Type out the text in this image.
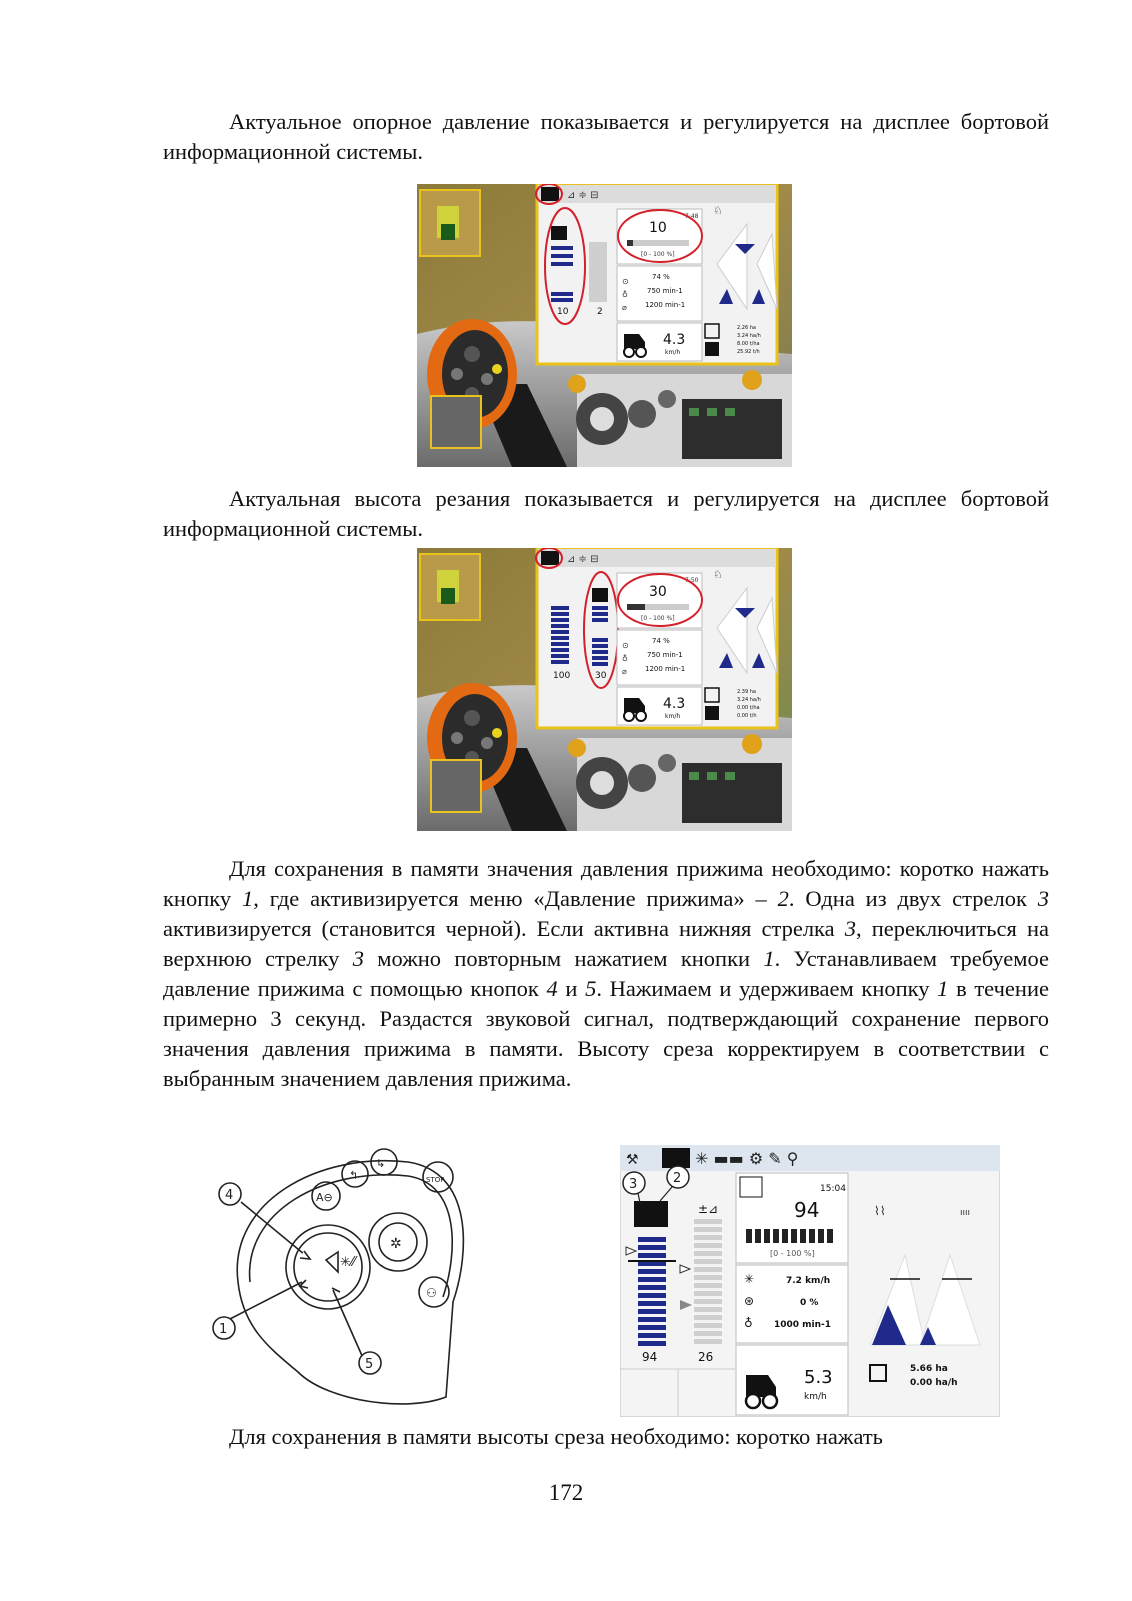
Актуальное опорное давление показывается и регулируется на дисплее бортовой информационной системы.

⊿ ≑ ⊟
10	2
10
7:48
[0 - 100 %]
74 %
750 min-1
1200 min-1
⊙
♁
⌀
4.3
km/h
♘
2.26 ha
3.24 ha/h
8.00 t/ha
25.92 t/h

Актуальная высота резания показывается и регулируется на дисплее бортовой информационной системы.

⊿ ≑ ⊟
100	30
30
7:50
[0 - 100 %]
74 %
750 min-1
1200 min-1
⊙
♁
⌀
4.3
km/h
♘
2.39 ha
3.24 ha/h
0.00 t/ha
0.00 t/h

Для сохранения в памяти значения давления прижима необходимо: коротко нажать кнопку 1, где активизируется меню «Давление прижима» – 2. Одна из двух стрелок 3 активизируется (становится черной). Если активна нижняя стрелка 3, переключиться на верхнюю стрелку 3 можно повторным нажатием кнопки 1. Устанавливаем требуемое давление прижима с помощью кнопок 4 и 5. Нажимаем и удерживаем кнопку 1 в течение примерно 3 секунд. Раздастся звуковой сигнал, подтверждающий сохранение первого значения давления прижима в памяти. Высоту среза корректируем в соответствии с выбранным значением давления прижима.

✳⁄⁄
✲
A⊖
↰
↳
STOP
⚇
4
1
5
⚒	✳ ▬▬ ⚙ ✎ ⚲
3	2
±⊿
94	26
15:04
94
[0 - 100 %]
✳
⊛
♁
7.2 km/h
0 %
1000 min-1
5.3
km/h
⌇⌇	ıııı
5.66 ha
0.00 ha/h

Для сохранения в памяти высоты среза необходимо: коротко нажать

172
